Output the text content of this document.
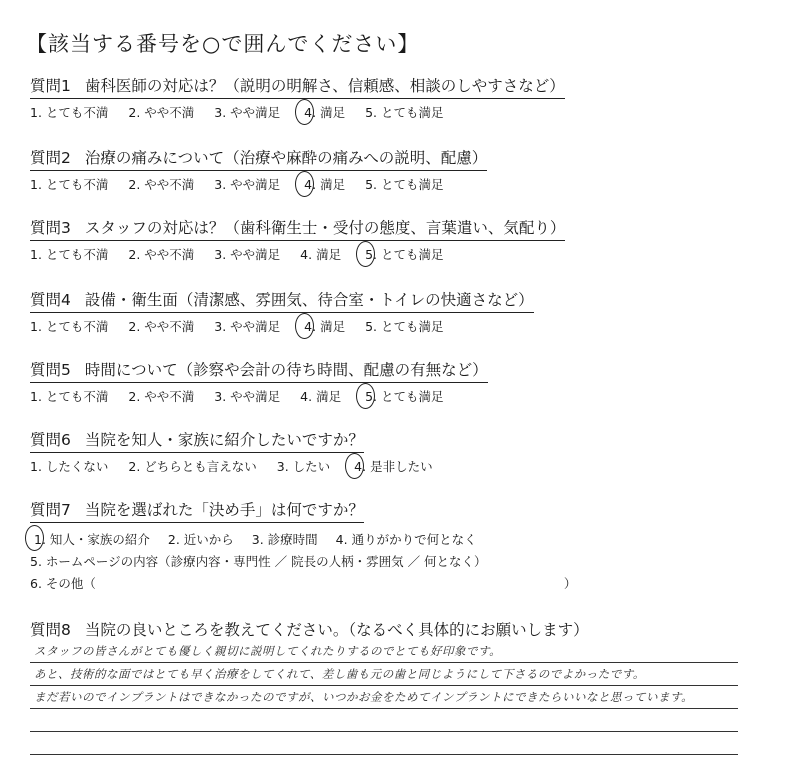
【該当する番号を○で囲んでください】
質問1 歯科医師の対応は？（説明の明解さ、信頼感、相談のしやすさなど）
1. とても不満 2. やや不満 3. やや満足 4. 満足 5. とても満足
質問2 治療の痛みについて（治療や麻酔の痛みへの説明、配慮）
1. とても不満 2. やや不満 3. やや満足 4. 満足 5. とても満足
質問3 スタッフの対応は？（歯科衛生士・受付の態度、言葉遣い、気配り）
1. とても不満 2. やや不満 3. やや満足 4. 満足 5. とても満足
質問4 設備・衛生面（清潔感、雰囲気、待合室・トイレの快適さなど）
1. とても不満 2. やや不満 3. やや満足 4. 満足 5. とても満足
質問5 時間について（診察や会計の待ち時間、配慮の有無など）
1. とても不満 2. やや不満 3. やや満足 4. 満足 5. とても満足
質問6 当院を知人・家族に紹介したいですか？
1. したくない 2. どちらとも言えない 3. したい 4. 是非したい
質問7 当院を選ばれた「決め手」は何ですか？
1. 知人・家族の紹介 2. 近いから 3. 診療時間 4. 通りがかりで何となく
5. ホームページの内容（診療内容・専門性 ／ 院長の人柄・雰囲気 ／ 何となく）
6. その他（	）
質問8 当院の良いところを教えてください。（なるべく具体的にお願いします）
スタッフの皆さんがとても優しく親切に説明してくれたりするのでとても好印象です。
あと、技術的な面ではとても早く治療をしてくれて、差し歯も元の歯と同じようにして下さるのでよかったです。
まだ若いのでインプラントはできなかったのですが、いつかお金をためてインプラントにできたらいいなと思っています。
